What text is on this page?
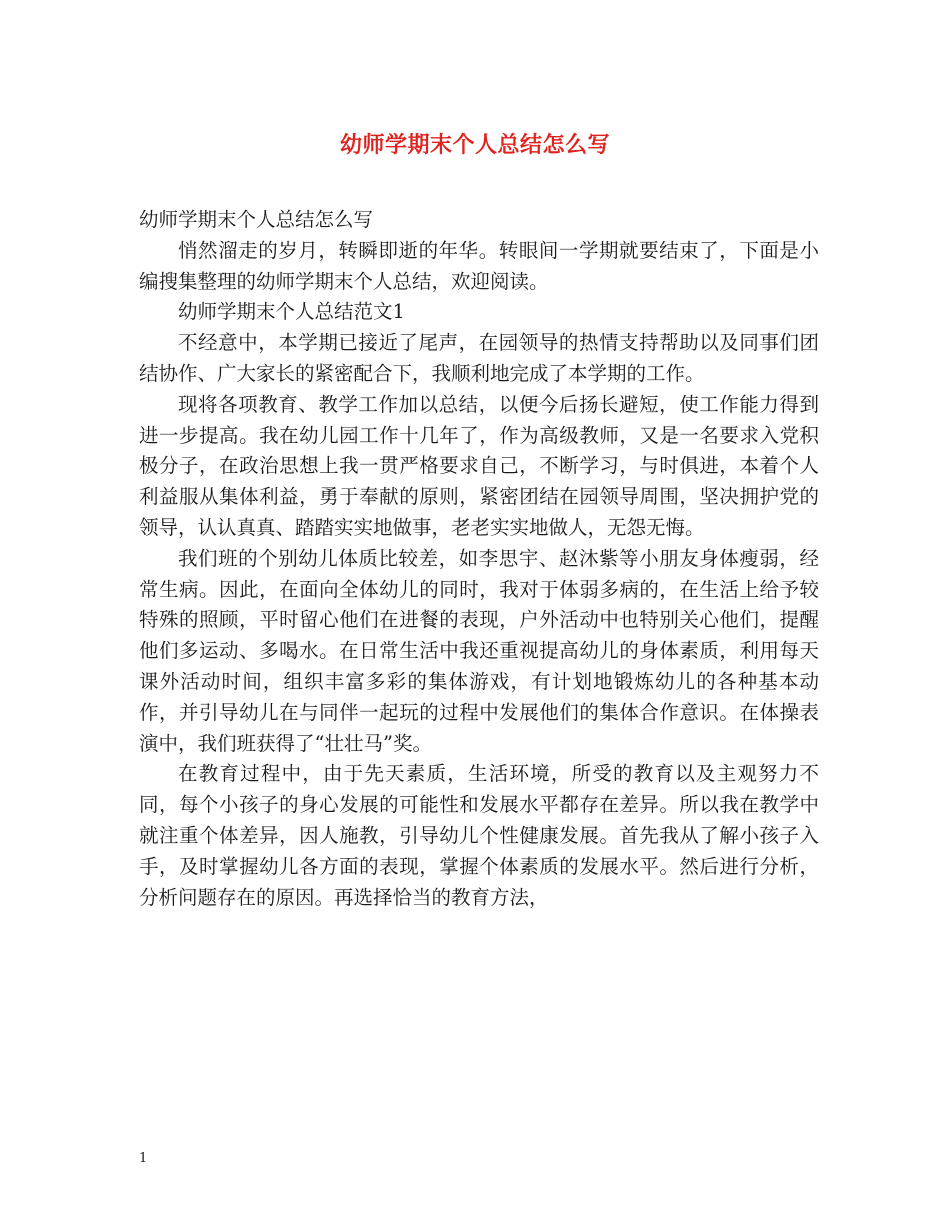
幼师学期末个人总结怎么写

幼师学期末个人总结怎么写

悄然溜走的岁月，转瞬即逝的年华。转眼间一学期就要结束了，下面是小编搜集整理的幼师学期末个人总结，欢迎阅读。

幼师学期末个人总结范文1

不经意中，本学期已接近了尾声，在园领导的热情支持帮助以及同事们团结协作、广大家长的紧密配合下，我顺利地完成了本学期的工作。

现将各项教育、教学工作加以总结，以便今后扬长避短，使工作能力得到进一步提高。我在幼儿园工作十几年了，作为高级教师，又是一名要求入党积极分子，在政治思想上我一贯严格要求自己，不断学习，与时俱进，本着个人利益服从集体利益，勇于奉献的原则，紧密团结在园领导周围，坚决拥护党的领导，认认真真、踏踏实实地做事，老老实实地做人，无怨无悔。

我们班的个别幼儿体质比较差，如李思宇、赵沐紫等小朋友身体瘦弱，经常生病。因此，在面向全体幼儿的同时，我对于体弱多病的，在生活上给予较特殊的照顾，平时留心他们在进餐的表现，户外活动中也特别关心他们，提醒他们多运动、多喝水。在日常生活中我还重视提高幼儿的身体素质，利用每天课外活动时间，组织丰富多彩的集体游戏，有计划地锻炼幼儿的各种基本动作，并引导幼儿在与同伴一起玩的过程中发展他们的集体合作意识。在体操表演中，我们班获得了“壮壮马”奖。

在教育过程中，由于先天素质，生活环境，所受的教育以及主观努力不同，每个小孩子的身心发展的可能性和发展水平都存在差异。所以我在教学中就注重个体差异，因人施教，引导幼儿个性健康发展。首先我从了解小孩子入手，及时掌握幼儿各方面的表现，掌握个体素质的发展水平。然后进行分析，分析问题存在的原因。再选择恰当的教育方法，

1
